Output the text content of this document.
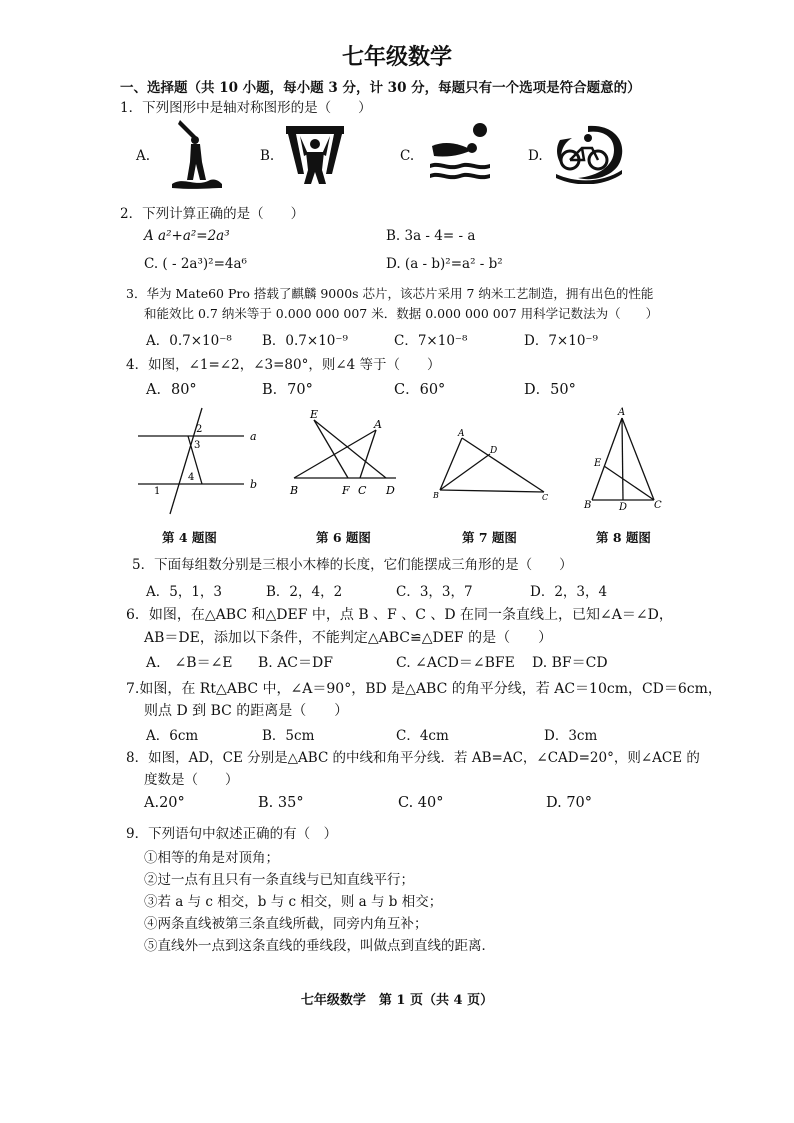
七年级数学
一、选择题（共 10 小题，每小题 3 分，计 30 分，每题只有一个选项是符合题意的）
1．下列图形中是轴对称图形的是（　　）
A.	B.	C.	D.
2．下列计算正确的是（　　）
A a²+a²=2a³	B. 3a - 4= - a
C. ( - 2a³)²=4a⁶	D. (a - b)²=a² - b²
3．华为 Mate60 Pro 搭载了麒麟 9000s 芯片，该芯片采用 7 纳米工艺制造，拥有出色的性能
和能效比 0.7 纳米等于 0.000 000 007 米．数据 0.000 000 007 用科学记数法为（　　）
A．0.7×10⁻⁸ B．0.7×10⁻⁹	C．7×10⁻⁸	D．7×10⁻⁹
4．如图，∠1=∠2，∠3=80°，则∠4 等于（　　）
A．80°	B．70°	C．60°	D．50°
a
b
1
2
3
4
E
A
B	F C D
A
D
B	C
A
E
B	D	C
第 4 题图	第 6 题图	第 7 题图	第 8 题图
5．下面每组数分别是三根小木棒的长度，它们能摆成三角形的是（　　）
A．5，1，3	B．2，4，2	C．3，3，7	D．2，3，4
6．如图，在△ABC 和△DEF 中，点 B 、F 、C 、D 在同一条直线上，已知∠A＝∠D，
AB＝DE，添加以下条件，不能判定△ABC≌△DEF 的是（　　）
A.　∠B＝∠E B. AC＝DF	C. ∠ACD＝∠BFE D. BF＝CD
7.如图，在 Rt△ABC 中，∠A＝90°，BD 是△ABC 的角平分线，若 AC＝10cm，CD＝6cm，
则点 D 到 BC 的距离是（　　）
A．6cm	B．5cm	C．4cm	D．3cm
8．如图，AD，CE 分别是△ABC 的中线和角平分线．若 AB=AC，∠CAD=20°，则∠ACE 的
度数是（　　）
A.20°	B. 35°	C. 40°	D. 70°
9．下列语句中叙述正确的有（　）
①相等的角是对顶角；
②过一点有且只有一条直线与已知直线平行；
③若 a 与 c 相交，b 与 c 相交，则 a 与 b 相交；
④两条直线被第三条直线所截，同旁内角互补；
⑤直线外一点到这条直线的垂线段，叫做点到直线的距离．
七年级数学　第 1 页（共 4 页）
